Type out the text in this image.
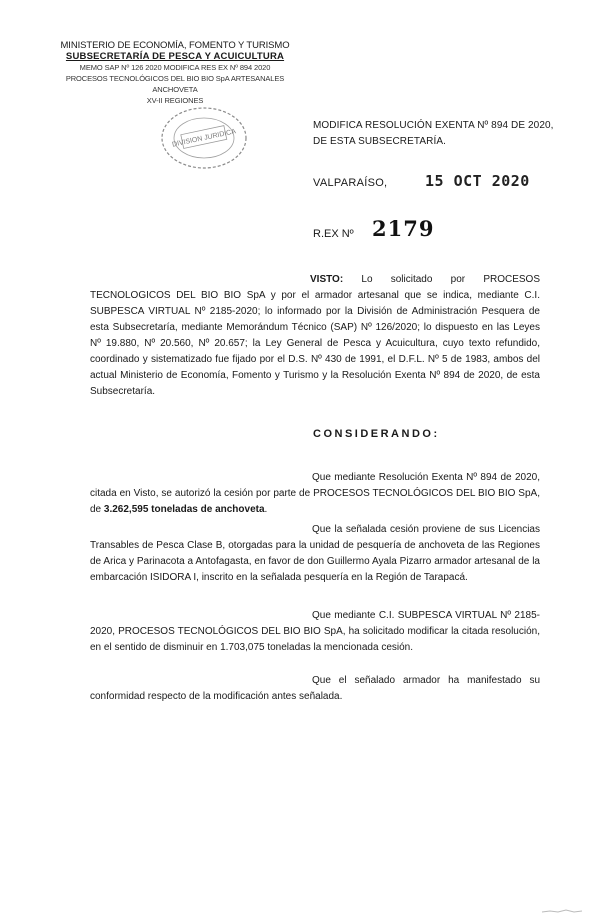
MINISTERIO DE ECONOMÍA, FOMENTO Y TURISMO
SUBSECRETARÍA DE PESCA Y ACUICULTURA
MEMO SAP Nº 126 2020 MODIFICA RES EX Nº 894 2020
PROCESOS TECNOLÓGICOS DEL BIO BIO SpA ARTESANALES ANCHOVETA
XV-II REGIONES
DIVISION JURIDICA
MODIFICA RESOLUCIÓN EXENTA Nº 894 DE 2020, DE ESTA SUBSECRETARÍA.
VALPARAÍSO,	15 OCT 2020
R.EX Nº 2179
VISTO: Lo solicitado por PROCESOS TECNOLOGICOS DEL BIO BIO SpA y por el armador artesanal que se indica, mediante C.I. SUBPESCA VIRTUAL Nº 2185-2020; lo informado por la División de Administración Pesquera de esta Subsecretaría, mediante Memorándum Técnico (SAP) Nº 126/2020; lo dispuesto en las Leyes Nº 19.880, Nº 20.560, Nº 20.657; la Ley General de Pesca y Acuicultura, cuyo texto refundido, coordinado y sistematizado fue fijado por el D.S. Nº 430 de 1991, el D.F.L. Nº 5 de 1983, ambos del actual Ministerio de Economía, Fomento y Turismo y la Resolución Exenta Nº 894 de 2020, de esta Subsecretaría.
CONSIDERANDO:
Que mediante Resolución Exenta Nº 894 de 2020, citada en Visto, se autorizó la cesión por parte de PROCESOS TECNOLÓGICOS DEL BIO BIO SpA, de 3.262,595 toneladas de anchoveta.
Que la señalada cesión proviene de sus Licencias Transables de Pesca Clase B, otorgadas para la unidad de pesquería de anchoveta de las Regiones de Arica y Parinacota a Antofagasta, en favor de don Guillermo Ayala Pizarro armador artesanal de la embarcación ISIDORA I, inscrito en la señalada pesquería en la Región de Tarapacá.
Que mediante C.I. SUBPESCA VIRTUAL Nº 2185-2020, PROCESOS TECNOLÓGICOS DEL BIO BIO SpA, ha solicitado modificar la citada resolución, en el sentido de disminuir en 1.703,075 toneladas la mencionada cesión.
Que el señalado armador ha manifestado su conformidad respecto de la modificación antes señalada.
